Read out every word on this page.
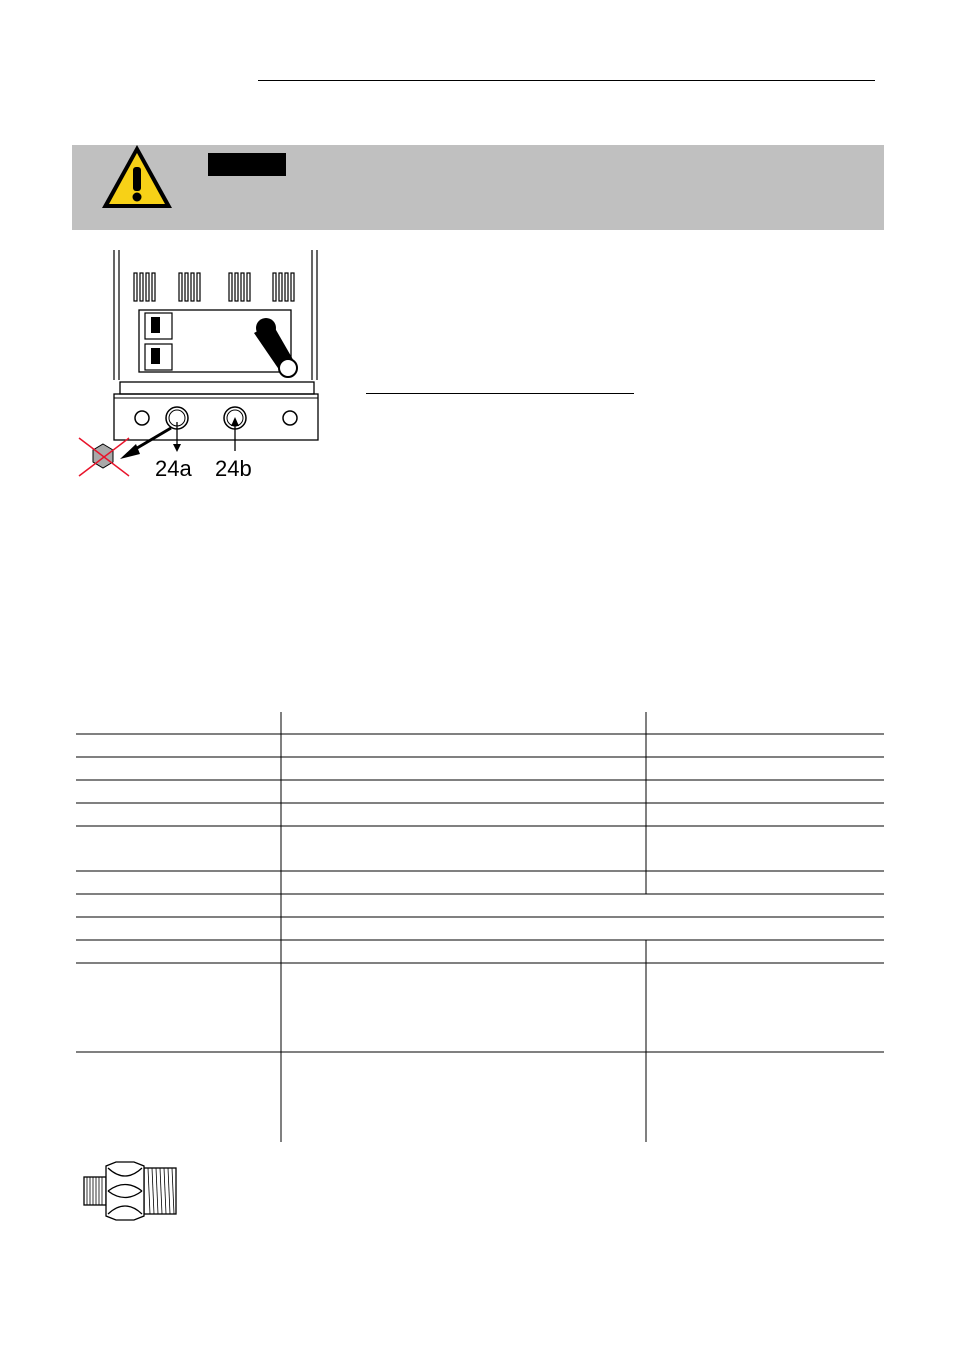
24a 24b
